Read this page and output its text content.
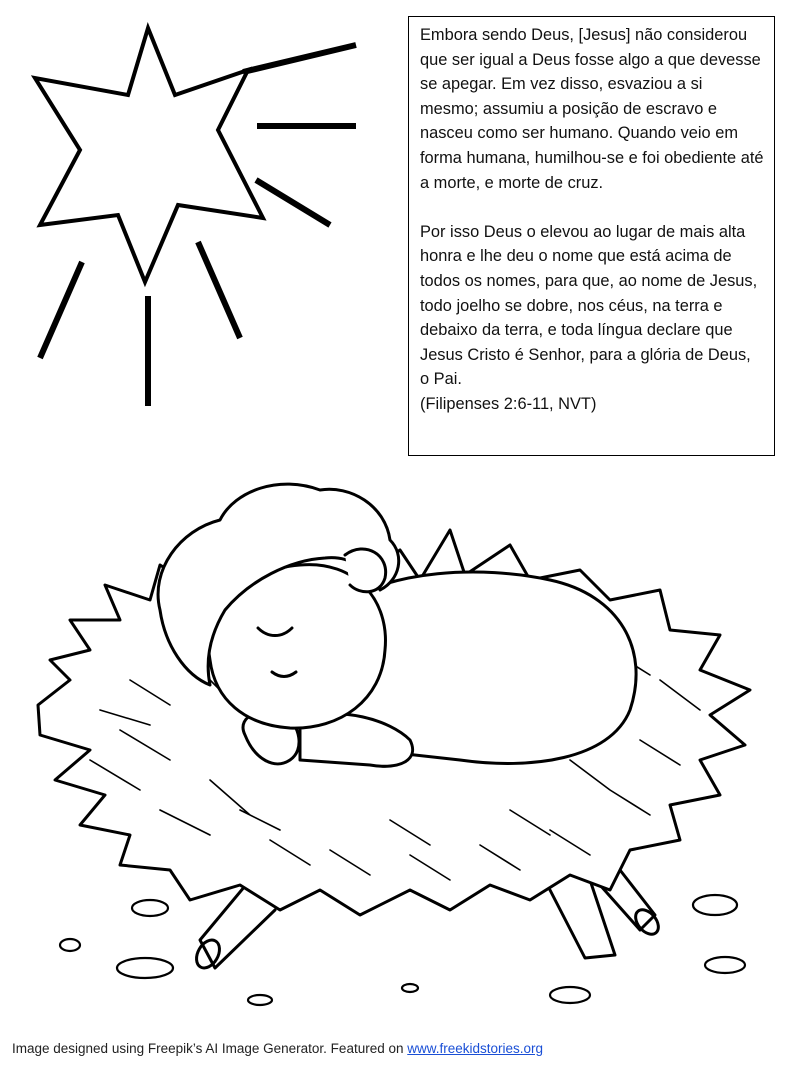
Embora sendo Deus, [Jesus] não considerou que ser igual a Deus fosse algo a que devesse se apegar. Em vez disso, esvaziou a si mesmo; assumiu a posição de escravo e nasceu como ser humano. Quando veio em forma humana, humilhou-se e foi obediente até a morte, e morte de cruz.

Por isso Deus o elevou ao lugar de mais alta honra e lhe deu o nome que está acima de todos os nomes, para que, ao nome de Jesus, todo joelho se dobre, nos céus, na terra e debaixo da terra, e toda língua declare que Jesus Cristo é Senhor, para a glória de Deus, o Pai.
(Filipenses 2:6-11, NVT)

Image designed using Freepik’s AI Image Generator. Featured on www.freekidstories.org
